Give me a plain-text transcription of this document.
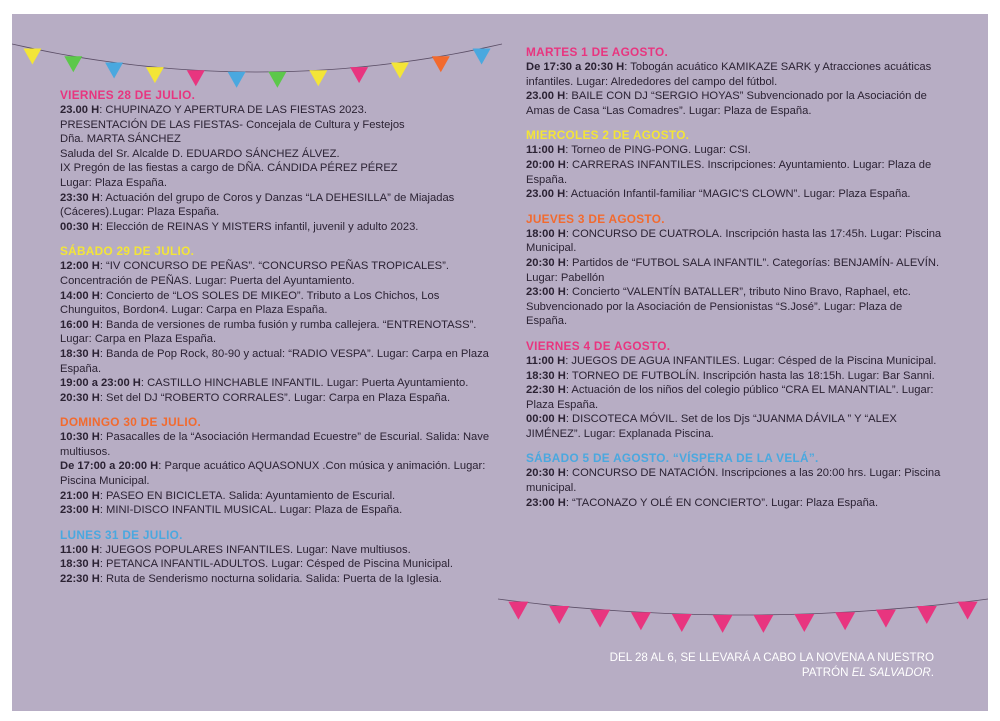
VIERNES 28 DE JULIO.
23.00 H: CHUPINAZO Y APERTURA DE LAS FIESTAS 2023.
PRESENTACIÓN DE LAS FIESTAS- Concejala de Cultura y Festejos
Dña. MARTA SÁNCHEZ
Saluda del Sr. Alcalde D. EDUARDO SÁNCHEZ ÁLVEZ.
IX Pregón de las fiestas a cargo de DÑA. CÁNDIDA PÉREZ PÉREZ
Lugar: Plaza España.
23:30 H: Actuación del grupo de Coros y Danzas “LA DEHESILLA” de Miajadas (Cáceres).Lugar: Plaza España.
00:30 H: Elección de REINAS Y MISTERS infantil, juvenil y adulto 2023.
SÁBADO 29 DE JULIO.
12:00 H: “IV CONCURSO DE PEÑAS”. “CONCURSO PEÑAS TROPICALES”. Concentración de PEÑAS. Lugar: Puerta del Ayuntamiento.
14:00 H: Concierto de “LOS SOLES DE MIKEO”. Tributo a Los Chichos, Los Chunguitos, Bordon4. Lugar: Carpa en Plaza España.
16:00 H: Banda de versiones de rumba fusión y rumba callejera. “ENTRENOTASS”. Lugar: Carpa en Plaza España.
18:30 H: Banda de Pop Rock, 80-90 y actual: “RADIO VESPA”. Lugar: Carpa en Plaza España.
19:00 a 23:00 H: CASTILLO HINCHABLE INFANTIL. Lugar: Puerta Ayuntamiento.
20:30 H: Set del DJ “ROBERTO CORRALES”. Lugar: Carpa en Plaza España.
DOMINGO 30 DE JULIO.
10:30 H: Pasacalles de la “Asociación Hermandad Ecuestre” de Escurial. Salida: Nave multiusos.
De 17:00 a 20:00 H: Parque acuático AQUASONUX .Con música y animación. Lugar: Piscina Municipal.
21:00 H: PASEO EN BICICLETA. Salida: Ayuntamiento de Escurial.
23:00 H: MINI-DISCO INFANTIL MUSICAL. Lugar: Plaza de España.
LUNES 31 DE JULIO.
11:00 H: JUEGOS POPULARES INFANTILES. Lugar: Nave multiusos.
18:30 H: PETANCA INFANTIL-ADULTOS. Lugar: Césped de Piscina Municipal.
22:30 H: Ruta de Senderismo nocturna solidaria. Salida: Puerta de la Iglesia.
MARTES 1 DE AGOSTO.
De 17:30 a 20:30 H: Tobogán acuático KAMIKAZE SARK y Atracciones acuáticas infantiles. Lugar: Alrededores del campo del fútbol.
23.00 H: BAILE CON DJ “SERGIO HOYAS” Subvencionado por la Asociación de Amas de Casa “Las Comadres”. Lugar: Plaza de España.
MIERCOLES 2 DE AGOSTO.
11:00 H: Torneo de PING-PONG. Lugar: CSI.
20:00 H: CARRERAS INFANTILES. Inscripciones: Ayuntamiento. Lugar: Plaza de España.
23.00 H: Actuación Infantil-familiar “MAGIC'S CLOWN”. Lugar: Plaza España.
JUEVES 3 DE AGOSTO.
18:00 H: CONCURSO DE CUATROLA. Inscripción hasta las 17:45h. Lugar: Piscina Municipal.
20:30 H: Partidos de “FUTBOL SALA INFANTIL”. Categorías: BENJAMÍN- ALEVÍN. Lugar: Pabellón
23:00 H: Concierto “VALENTÍN BATALLER”, tributo Nino Bravo, Raphael, etc. Subvencionado por la Asociación de Pensionistas “S.José”. Lugar: Plaza de España.
VIERNES 4 DE AGOSTO.
11:00 H: JUEGOS DE AGUA INFANTILES. Lugar: Césped de la Piscina Municipal.
18:30 H: TORNEO DE FUTBOLÍN. Inscripción hasta las 18:15h. Lugar: Bar Sanni.
22:30 H: Actuación de los niños del colegio público “CRA EL MANANTIAL”. Lugar: Plaza España.
00:00 H: DISCOTECA MÓVIL. Set de los Djs “JUANMA DÁVILA ” Y “ALEX JIMÉNEZ”. Lugar: Explanada Piscina.
SÁBADO 5 DE AGOSTO. “VÍSPERA DE LA VELÁ”.
20:30 H: CONCURSO DE NATACIÓN. Inscripciones a las 20:00 hrs. Lugar: Piscina municipal.
23:00 H: “TACONAZO Y OLÉ EN CONCIERTO”. Lugar: Plaza España.
DEL 28 AL 6, SE LLEVARÁ A CABO LA NOVENA A NUESTRO
PATRÓN EL SALVADOR.
